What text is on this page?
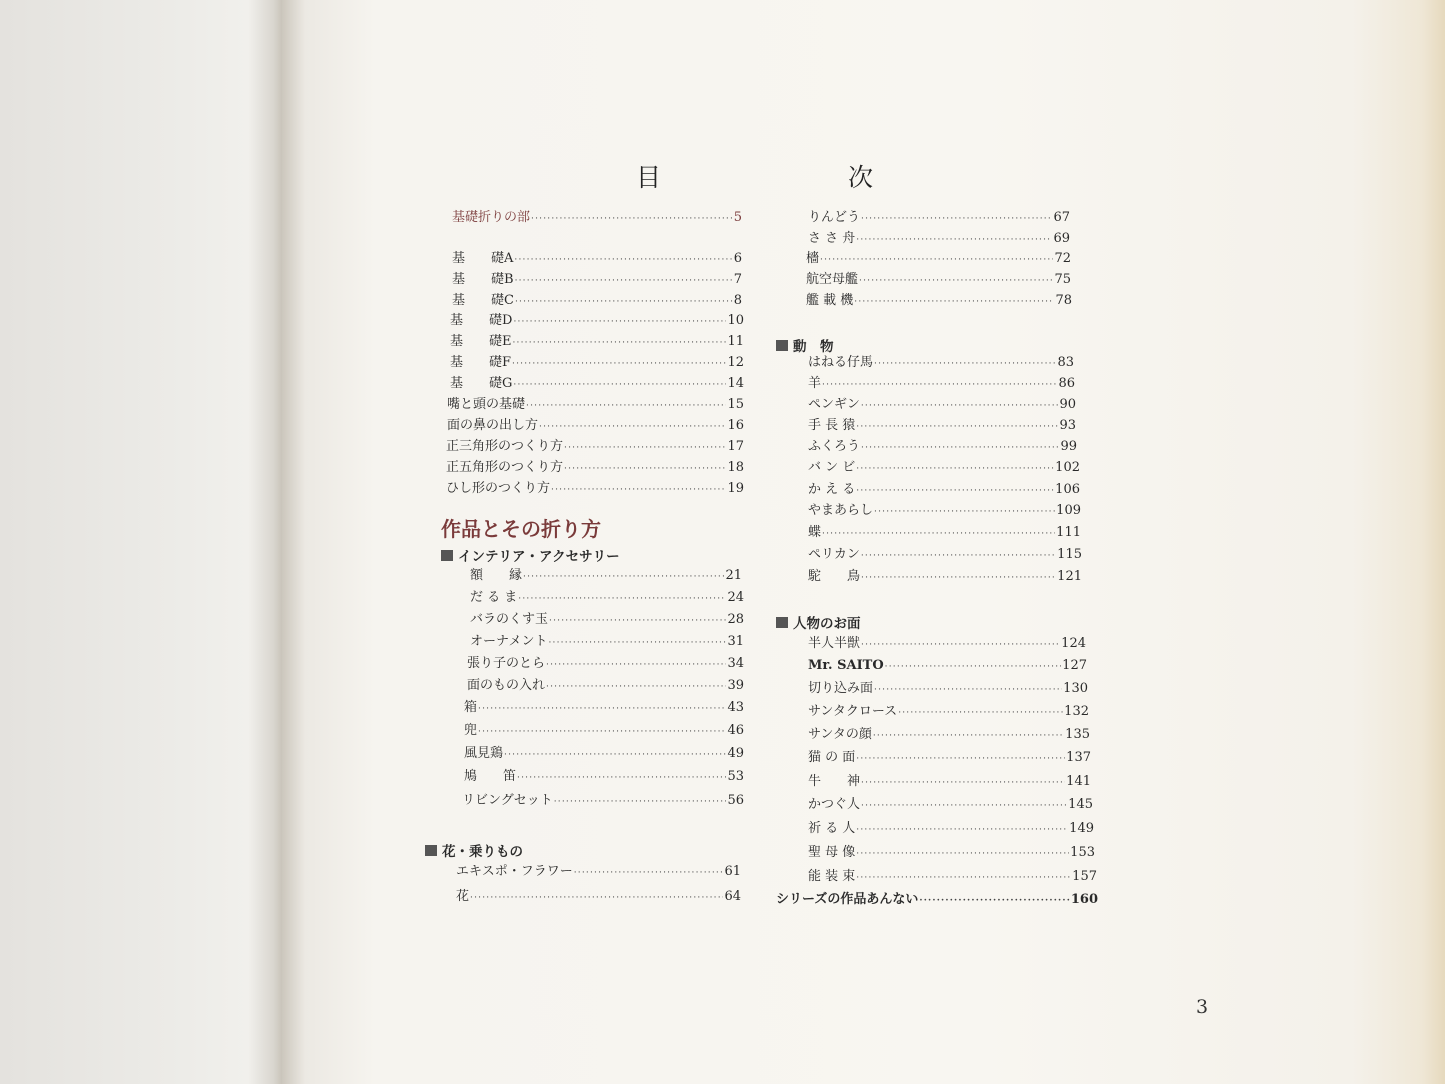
目	次
基礎折りの部 ·····	5
基　　礎A ·····	6
基　　礎B ·····	7
基　　礎C ·····	8
基　　礎D ·····	10
基　　礎E ·····	11
基　　礎F ·····	12
基　　礎G ·····	14
嘴と頭の基礎 ·····	15
面の鼻の出し方 ·····	16
正三角形のつくり方 ·····	17
正五角形のつくり方 ·····	18
ひし形のつくり方 ·····	19
作品とその折り方
インテリア・アクセサリー
額　　縁 ·····	21
だ る ま ·····	24
バラのくす玉 ·····	28
オーナメント ·····	31
張り子のとら ·····	34
面のもの入れ ·····	39
箱 ·····	43
兜 ·····	46
風見鶏 ·····	49
鳩　　笛 ·····	53
リビングセット ·····	56
花・乗りもの
エキスポ・フラワー ·····	61
花 ·····	64
りんどう ·····	67
さ さ 舟 ·····	69
檣 ·····	72
航空母艦 ·····	75
艦 載 機 ·····	78
動　物
はねる仔馬 ·····	83
羊 ·····	86
ペンギン ·····	90
手 長 猿 ·····	93
ふくろう ·····	99
バ ン ビ ·····	102
か え る ·····	106
やまあらし ·····	109
蝶 ·····	111
ペリカン ·····	115
駝　　鳥 ·····	121
人物のお面
半人半獣 ·····	124
Mr. SAITO ·····	127
切り込み面 ·····	130
サンタクロース ·····	132
サンタの顔 ·····	135
猫 の 面 ·····	137
牛　　神 ·····	141
かつぐ人 ·····	145
祈 る 人 ·····	149
聖 母 像 ·····	153
能 装 束 ·····	157
シリーズの作品あんない ·····	160
3
